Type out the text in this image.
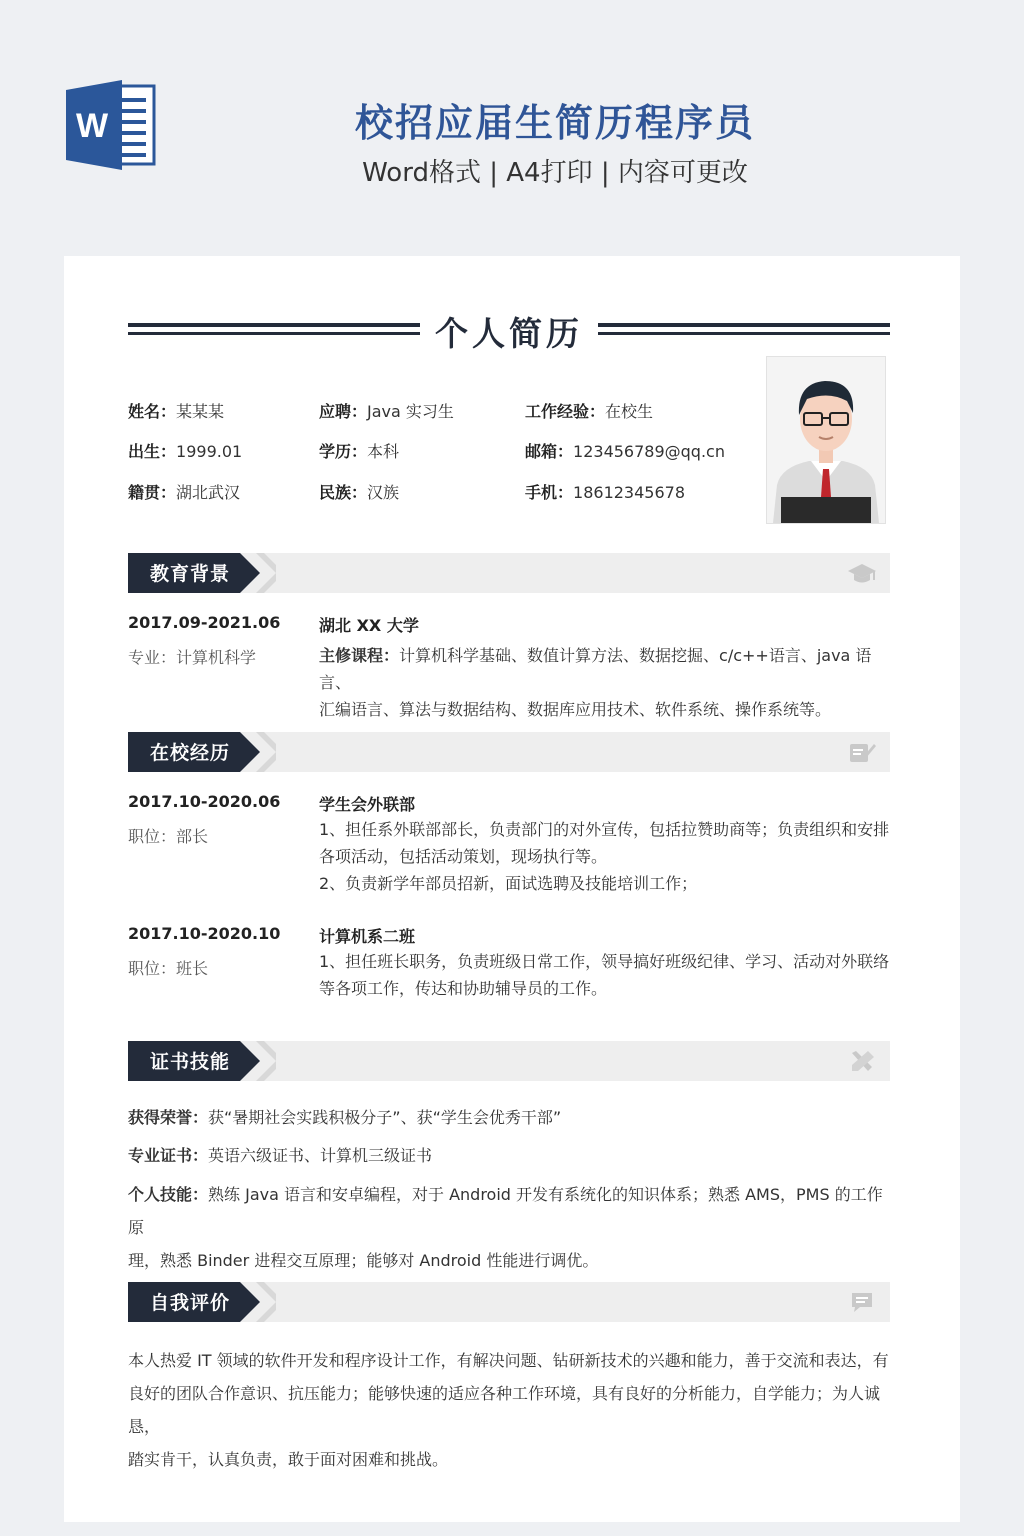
W	校招应届生简历程序员
Word格式 | A4打印 | 内容可更改
个人简历
姓名：某某某	应聘：Java 实习生	工作经验：在校生
出生：1999.01	学历：本科	邮箱：123456789@qq.cn
籍贯：湖北武汉	民族：汉族	手机：18612345678
教育背景
2017.09-2021.06
专业：计算机科学
湖北 XX 大学
主修课程：计算机科学基础、数值计算方法、数据挖掘、c/c++语言、java 语言、
汇编语言、算法与数据结构、数据库应用技术、软件系统、操作系统等。
在校经历
2017.10-2020.06
职位：部长
学生会外联部
1、担任系外联部部长，负责部门的对外宣传，包括拉赞助商等；负责组织和安排
各项活动，包括活动策划，现场执行等。
2、负责新学年部员招新，面试选聘及技能培训工作；
2017.10-2020.10
职位：班长
计算机系二班
1、担任班长职务，负责班级日常工作，领导搞好班级纪律、学习、活动对外联络
等各项工作，传达和协助辅导员的工作。
证书技能
获得荣誉：获“暑期社会实践积极分子”、获“学生会优秀干部”
专业证书：英语六级证书、计算机三级证书
个人技能：熟练 Java 语言和安卓编程，对于 Android 开发有系统化的知识体系；熟悉 AMS，PMS 的工作原
理，熟悉 Binder 进程交互原理；能够对 Android 性能进行调优。
自我评价
本人热爱 IT 领域的软件开发和程序设计工作，有解决问题、钻研新技术的兴趣和能力，善于交流和表达，有
良好的团队合作意识、抗压能力；能够快速的适应各种工作环境，具有良好的分析能力，自学能力；为人诚恳，
踏实肯干，认真负责，敢于面对困难和挑战。
